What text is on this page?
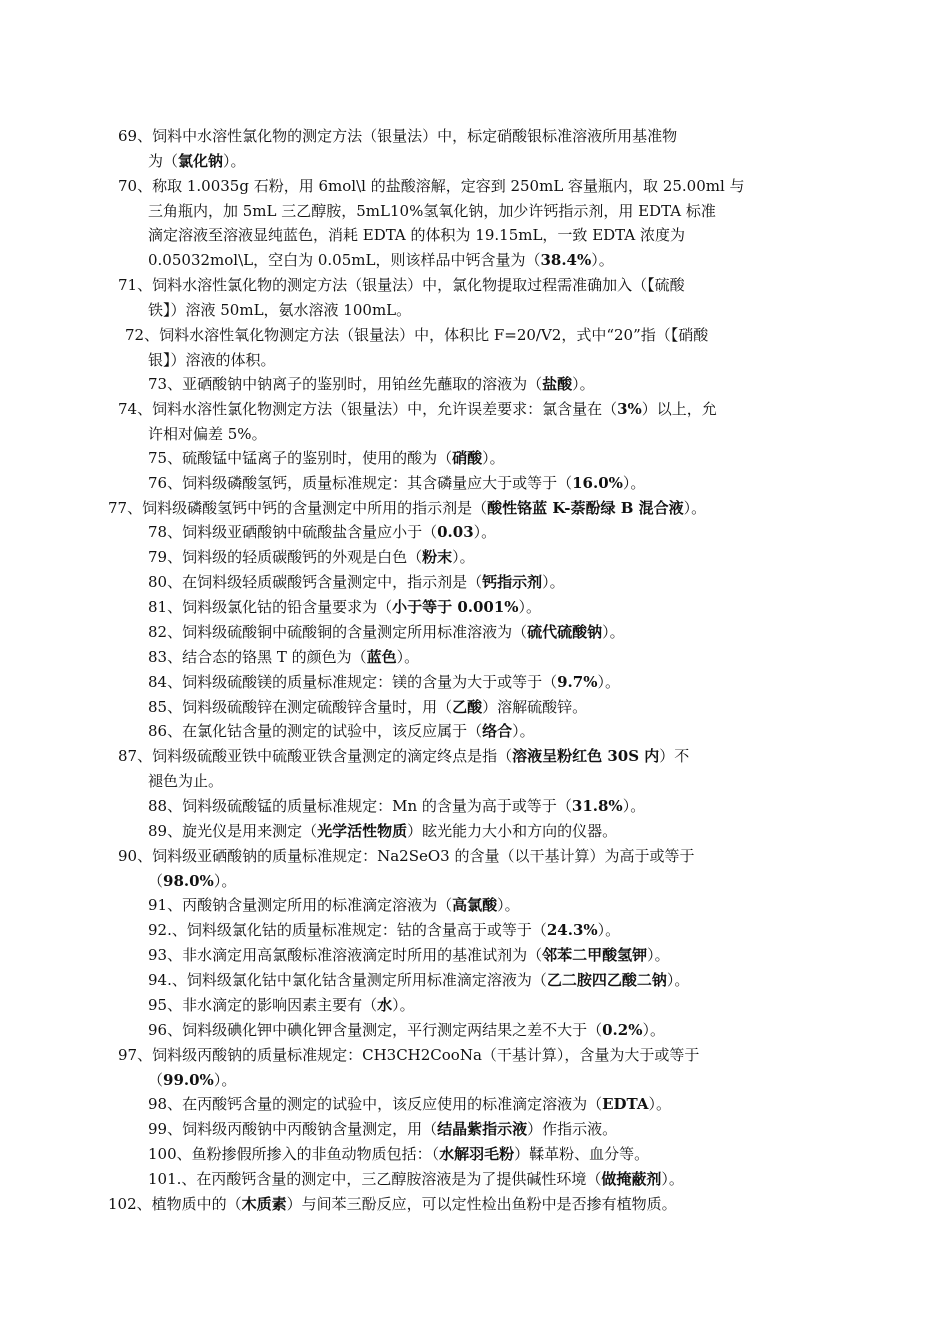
69、饲料中水溶性氯化物的测定方法（银量法）中，标定硝酸银标准溶液所用基准物
为（氯化钠）。
70、称取 1.0035g 石粉，用 6mol\l 的盐酸溶解，定容到 250mL 容量瓶内，取 25.00ml 与
三角瓶内，加 5mL 三乙醇胺，5mL10%氢氧化钠，加少许钙指示剂，用 EDTA 标准
滴定溶液至溶液显纯蓝色，消耗 EDTA 的体积为 19.15mL，一致 EDTA 浓度为
0.05032mol\L，空白为 0.05mL，则该样品中钙含量为（38.4%）。
71、饲料水溶性氯化物的测定方法（银量法）中，氯化物提取过程需准确加入（【硫酸
铁】）溶液 50mL，氨水溶液 100mL。
72、饲料水溶性氧化物测定方法（银量法）中，体积比 F=20/V2，式中“20”指（【硝酸
银】）溶液的体积。
73、亚硒酸钠中钠离子的鉴别时，用铂丝先蘸取的溶液为（盐酸）。
74、饲料水溶性氯化物测定方法（银量法）中，允许误差要求：氯含量在（3%）以上，允
许相对偏差 5%。
75、硫酸锰中锰离子的鉴别时，使用的酸为（硝酸）。
76、饲料级磷酸氢钙，质量标准规定：其含磷量应大于或等于（16.0%）。
77、饲料级磷酸氢钙中钙的含量测定中所用的指示剂是（酸性铬蓝 K-萘酚绿 B 混合液）。
78、饲料级亚硒酸钠中硫酸盐含量应小于（0.03）。
79、饲料级的轻质碳酸钙的外观是白色（粉末）。
80、在饲料级轻质碳酸钙含量测定中，指示剂是（钙指示剂）。
81、饲料级氯化钴的铅含量要求为（小于等于 0.001%）。
82、饲料级硫酸铜中硫酸铜的含量测定所用标准溶液为（硫代硫酸钠）。
83、结合态的铬黑 T 的颜色为（蓝色）。
84、饲料级硫酸镁的质量标准规定：镁的含量为大于或等于（9.7%）。
85、饲料级硫酸锌在测定硫酸锌含量时，用（乙酸）溶解硫酸锌。
86、在氯化钴含量的测定的试验中，该反应属于（络合）。
87、饲料级硫酸亚铁中硫酸亚铁含量测定的滴定终点是指（溶液呈粉红色 30S 内）不
褪色为止。
88、饲料级硫酸锰的质量标准规定：Mn 的含量为高于或等于（31.8%）。
89、旋光仪是用来测定（光学活性物质）眩光能力大小和方向的仪器。
90、饲料级亚硒酸钠的质量标准规定：Na2SeO3 的含量（以干基计算）为高于或等于
（98.0%）。
91、丙酸钠含量测定所用的标准滴定溶液为（高氯酸）。
92.、饲料级氯化钴的质量标准规定：钴的含量高于或等于（24.3%）。
93、非水滴定用高氯酸标准溶液滴定时所用的基准试剂为（邻苯二甲酸氢钾）。
94.、饲料级氯化钴中氯化钴含量测定所用标准滴定溶液为（乙二胺四乙酸二钠）。
95、非水滴定的影响因素主要有（水）。
96、饲料级碘化钾中碘化钾含量测定，平行测定两结果之差不大于（0.2%）。
97、饲料级丙酸钠的质量标准规定：CH3CH2CooNa（干基计算），含量为大于或等于
（99.0%）。
98、在丙酸钙含量的测定的试验中，该反应使用的标准滴定溶液为（EDTA）。
99、饲料级丙酸钠中丙酸钠含量测定，用（结晶紫指示液）作指示液。
100、鱼粉掺假所掺入的非鱼动物质包括：（水解羽毛粉）鞣革粉、血分等。
101.、在丙酸钙含量的测定中，三乙醇胺溶液是为了提供碱性环境（做掩蔽剂）。
102、植物质中的（木质素）与间苯三酚反应，可以定性检出鱼粉中是否掺有植物质。
